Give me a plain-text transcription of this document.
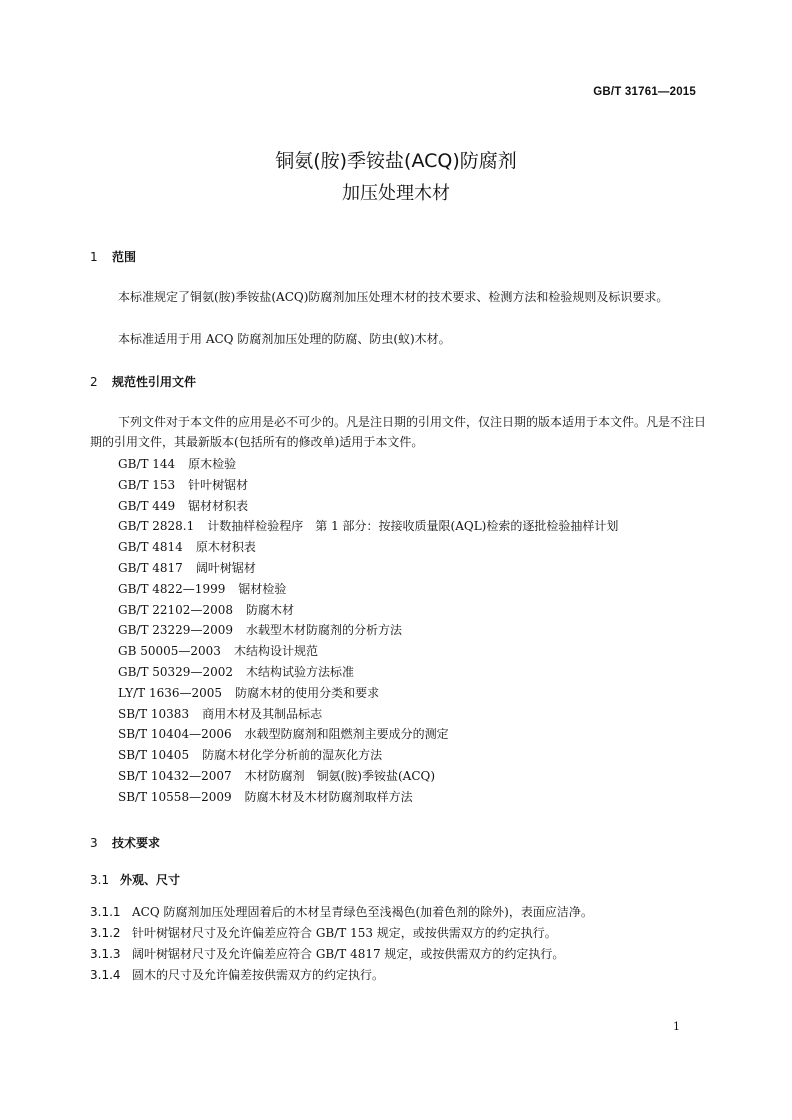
GB/T 31761—2015
铜氨(胺)季铵盐(ACQ)防腐剂
加压处理木材
1 范围
本标准规定了铜氨(胺)季铵盐(ACQ)防腐剂加压处理木材的技术要求、检测方法和检验规则及标识要求。
本标准适用于用 ACQ 防腐剂加压处理的防腐、防虫(蚁)木材。
2 规范性引用文件
下列文件对于本文件的应用是必不可少的。凡是注日期的引用文件，仅注日期的版本适用于本文件。凡是不注日期的引用文件，其最新版本(包括所有的修改单)适用于本文件。
GB/T 144 原木检验
GB/T 153 针叶树锯材
GB/T 449 锯材材积表
GB/T 2828.1 计数抽样检验程序　第 1 部分：按接收质量限(AQL)检索的逐批检验抽样计划
GB/T 4814 原木材积表
GB/T 4817 阔叶树锯材
GB/T 4822—1999 锯材检验
GB/T 22102—2008 防腐木材
GB/T 23229—2009 水载型木材防腐剂的分析方法
GB 50005—2003 木结构设计规范
GB/T 50329—2002 木结构试验方法标准
LY/T 1636—2005 防腐木材的使用分类和要求
SB/T 10383 商用木材及其制品标志
SB/T 10404—2006 水载型防腐剂和阻燃剂主要成分的测定
SB/T 10405 防腐木材化学分析前的湿灰化方法
SB/T 10432—2007 木材防腐剂　铜氨(胺)季铵盐(ACQ)
SB/T 10558—2009 防腐木材及木材防腐剂取样方法
3 技术要求
3.1 外观、尺寸
3.1.1 ACQ 防腐剂加压处理固着后的木材呈青绿色至浅褐色(加着色剂的除外)，表面应洁净。
3.1.2 针叶树锯材尺寸及允许偏差应符合 GB/T 153 规定，或按供需双方的约定执行。
3.1.3 阔叶树锯材尺寸及允许偏差应符合 GB/T 4817 规定，或按供需双方的约定执行。
3.1.4 圆木的尺寸及允许偏差按供需双方的约定执行。
1
